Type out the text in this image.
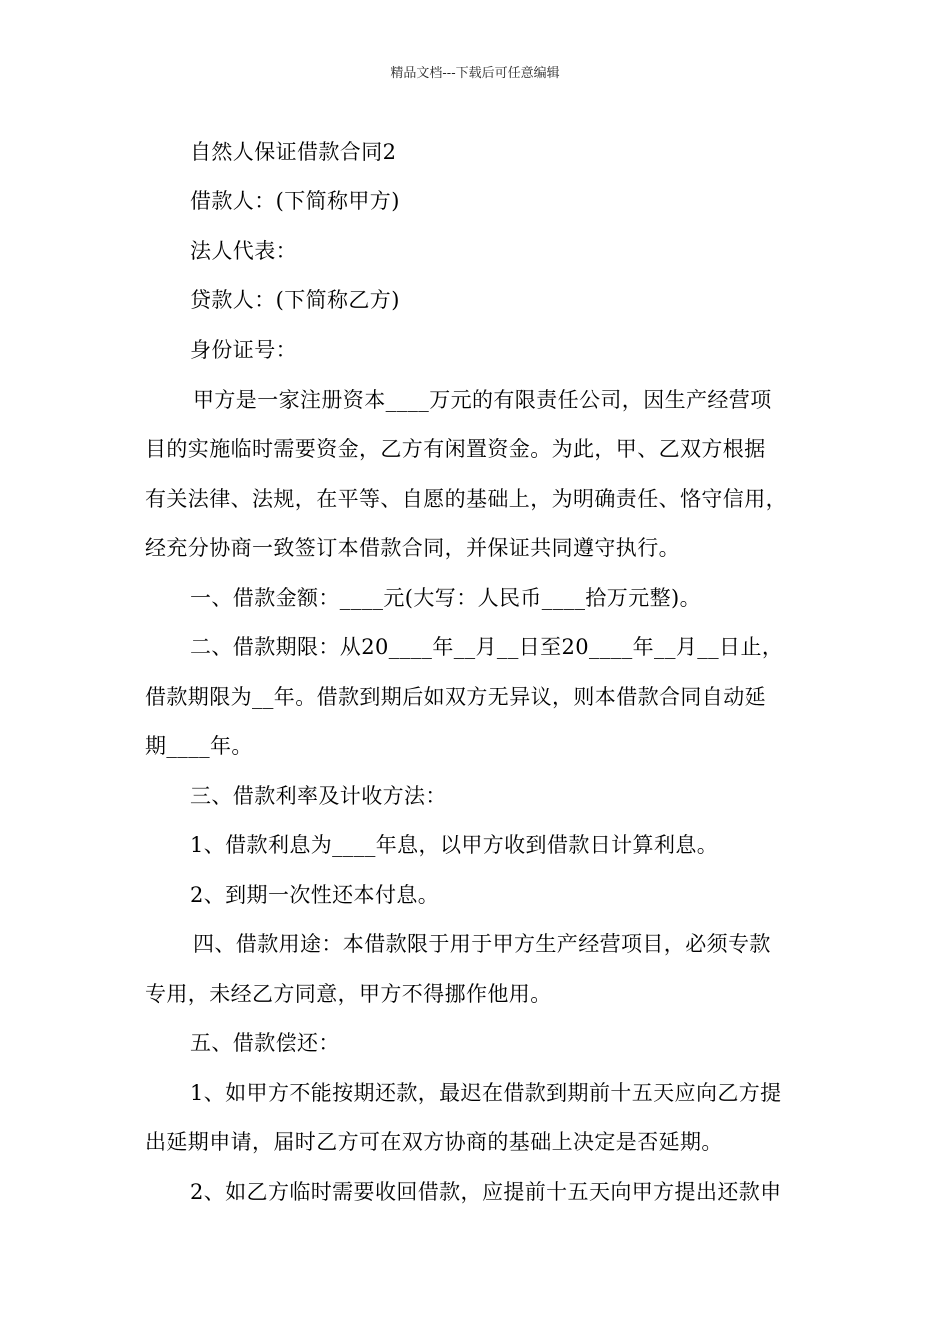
精品文档---下载后可任意编辑
自然人保证借款合同2
借款人：(下简称甲方)
法人代表：
贷款人：(下简称乙方)
身份证号：
甲方是一家注册资本____万元的有限责任公司，因生产经营项
目的实施临时需要资金，乙方有闲置资金。为此，甲、乙双方根据
有关法律、法规，在平等、自愿的基础上，为明确责任、恪守信用，
经充分协商一致签订本借款合同，并保证共同遵守执行。
一、借款金额：____元(大写：人民币____拾万元整)。
二、借款期限：从20____年__月__日至20____年__月__日止，
借款期限为__年。借款到期后如双方无异议，则本借款合同自动延
期____年。
三、借款利率及计收方法：
1、借款利息为____年息，以甲方收到借款日计算利息。
2、到期一次性还本付息。
四、借款用途：本借款限于用于甲方生产经营项目，必须专款
专用，未经乙方同意，甲方不得挪作他用。
五、借款偿还：
1、如甲方不能按期还款，最迟在借款到期前十五天应向乙方提
出延期申请，届时乙方可在双方协商的基础上决定是否延期。
2、如乙方临时需要收回借款，应提前十五天向甲方提出还款申
